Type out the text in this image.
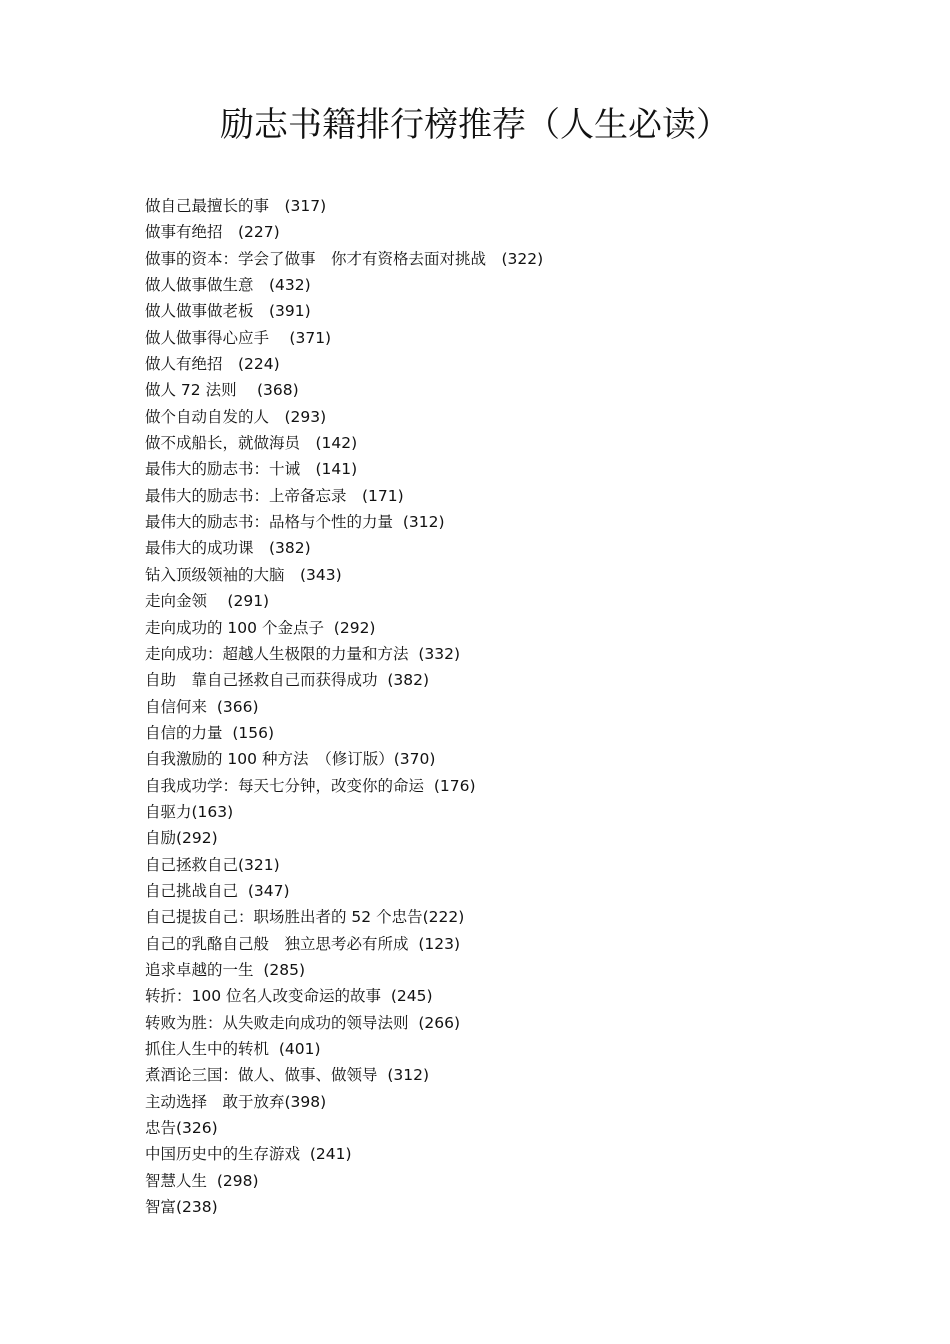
励志书籍排行榜推荐（人生必读）
做自己最擅长的事　(317)
做事有绝招　(227)
做事的资本：学会了做事　你才有资格去面对挑战　(322)
做人做事做生意　(432)
做人做事做老板　(391)
做人做事得心应手　 (371)
做人有绝招　(224)
做人 72 法则　 (368)
做个自动自发的人　(293)
做不成船长，就做海员　(142)
最伟大的励志书：十诫　(141)
最伟大的励志书：上帝备忘录　(171)
最伟大的励志书：品格与个性的力量  (312)
最伟大的成功课　(382)
钻入顶级领袖的大脑　(343)
走向金领　 (291)
走向成功的 100 个金点子  (292)
走向成功：超越人生极限的力量和方法  (332)
自助　靠自己拯救自己而获得成功  (382)
自信何来  (366)
自信的力量  (156)
自我激励的 100 种方法　（修订版）(370)
自我成功学：每天七分钟，改变你的命运  (176)
自驱力(163)
自励(292)
自己拯救自己(321)
自己挑战自己  (347)
自己提拔自己：职场胜出者的 52 个忠告(222)
自己的乳酪自己般　独立思考必有所成  (123)
追求卓越的一生  (285)
转折：100 位名人改变命运的故事  (245)
转败为胜：从失败走向成功的领导法则  (266)
抓住人生中的转机  (401)
煮酒论三国：做人、做事、做领导  (312)
主动选择　敢于放弃(398)
忠告(326)
中国历史中的生存游戏  (241)
智慧人生  (298)
智富(238)
